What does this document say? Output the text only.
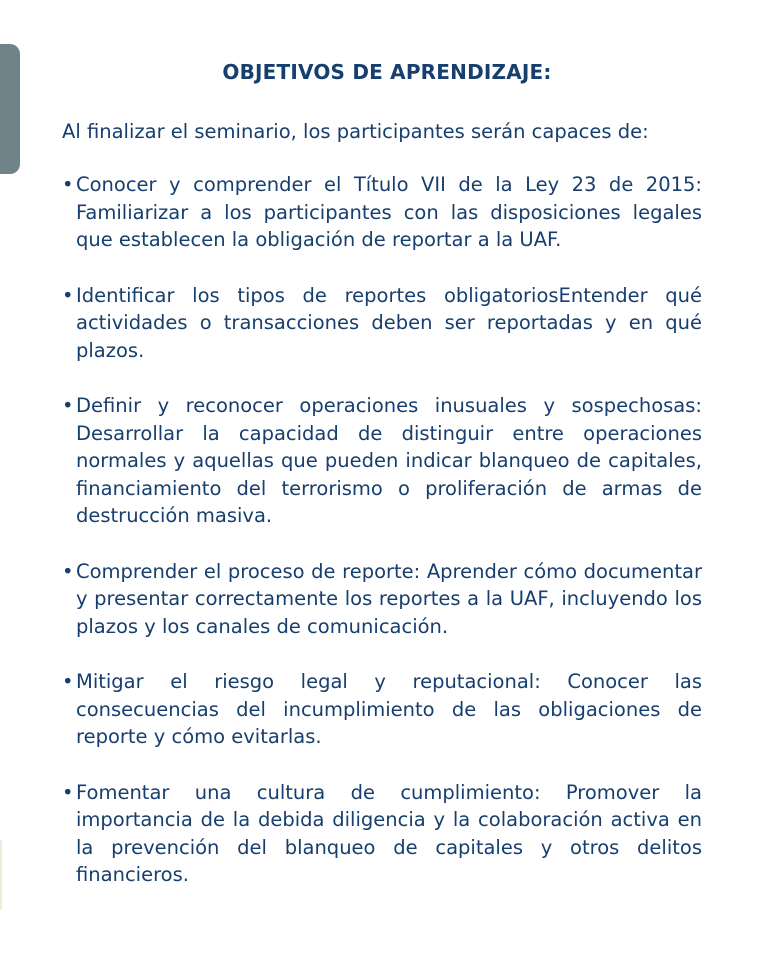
OBJETIVOS DE APRENDIZAJE:

Al finalizar el seminario, los participantes serán capaces de:

• Conocer y comprender el Título VII de la Ley 23 de 2015: Familiarizar a los participantes con las disposiciones legales que establecen la obligación de reportar a la UAF.

• Identificar los tipos de reportes obligatoriosEntender qué actividades o transacciones deben ser reportadas y en qué plazos.

• Definir y reconocer operaciones inusuales y sospechosas: Desarrollar la capacidad de distinguir entre operaciones normales y aquellas que pueden indicar blanqueo de capitales, financiamiento del terrorismo o proliferación de armas de destrucción masiva.

• Comprender el proceso de reporte: Aprender cómo documentar y presentar correctamente los reportes a la UAF, incluyendo los plazos y los canales de comunicación.

• Mitigar el riesgo legal y reputacional: Conocer las consecuencias del incumplimiento de las obligaciones de reporte y cómo evitarlas.

• Fomentar una cultura de cumplimiento: Promover la importancia de la debida diligencia y la colaboración activa en la prevención del blanqueo de capitales y otros delitos financieros.
